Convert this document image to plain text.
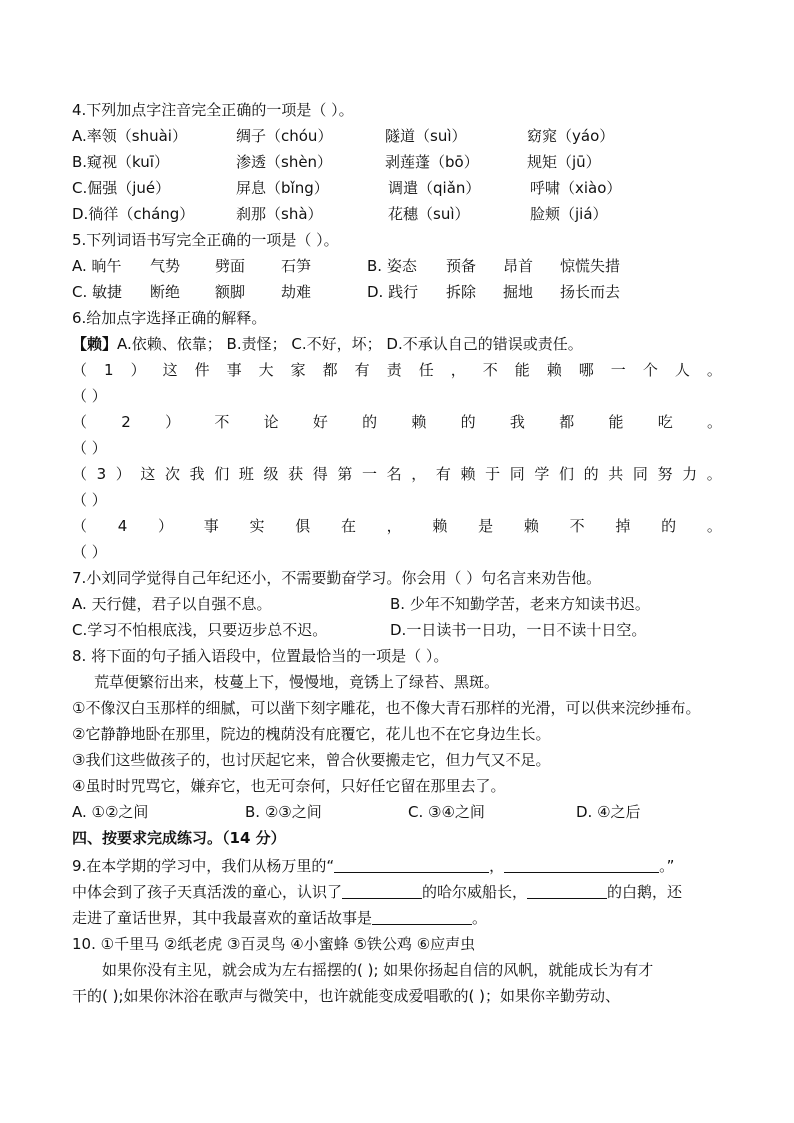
4.下列加点字注音完全正确的一项是（ ）。
A.率领（shuài）	绸子（chóu）	隧道（suì）	窈窕（yáo）
B.窥视（kuī）	渗透（shèn）	剥莲蓬（bō）	规矩（jū）
C.倔强（jué）	屏息（bǐng）	调遣（qiǎn）	呼啸（xiào）
D.徜徉（cháng）	刹那（shà）	花穗（suì）	脸颊（jiá）
5.下列词语书写完全正确的一项是（ ）。
A. 晌午 气势 劈面 石笋	B. 姿态 预备 昂首 惊慌失措
C. 敏捷 断绝 额脚 劫难	D. 践行 拆除 掘地 扬长而去
6.给加点字选择正确的解释。
【赖】A.依赖、依靠； B.责怪； C.不好，坏； D.不承认自己的错误或责任。
（ 1 ） 这 件 事 大 家 都 有 责 任 ， 不 能 赖 哪 一 个 人 。
（ ）
（ 2 ） 不 论 好 的 赖 的 我 都 能 吃 。
（ ）
（ 3 ） 这 次 我 们 班 级 获 得 第 一 名 ， 有 赖 于 同 学 们 的 共 同 努 力 。
（ ）
（ 4 ） 事 实 俱 在 ， 赖 是 赖 不 掉 的 。
（ ）
7.小刘同学觉得自己年纪还小，不需要勤奋学习。你会用（ ）句名言来劝告他。
A. 天行健，君子以自强不息。	B. 少年不知勤学苦，老来方知读书迟。
C.学习不怕根底浅，只要迈步总不迟。	D.一日读书一日功，一日不读十日空。
8. 将下面的句子插入语段中，位置最恰当的一项是（ ）。
荒草便繁衍出来，枝蔓上下，慢慢地，竟锈上了绿苔、黑斑。
①不像汉白玉那样的细腻，可以凿下刻字雕花，也不像大青石那样的光滑，可以供来浣纱捶布。
②它静静地卧在那里，院边的槐荫没有庇覆它，花儿也不在它身边生长。
③我们这些做孩子的，也讨厌起它来，曾合伙要搬走它，但力气又不足。
④虽时时咒骂它，嫌弃它，也无可奈何，只好任它留在那里去了。
A. ①②之间	B. ②③之间	C. ③④之间	D. ④之后
四、按要求完成练习。（14 分）
9.在本学期的学习中，我们从杨万里的“	，	。”
中体会到了孩子天真活泼的童心，认识了	的哈尔威船长，	的白鹅，还
走进了童话世界，其中我最喜欢的童话故事是	。
10. ①千里马 ②纸老虎 ③百灵鸟 ④小蜜蜂 ⑤铁公鸡 ⑥应声虫
如果你没有主见，就会成为左右摇摆的( ); 如果你扬起自信的风帆，就能成长为有才
干的( );如果你沐浴在歌声与微笑中，也许就能变成爱唱歌的( )；如果你辛勤劳动、
